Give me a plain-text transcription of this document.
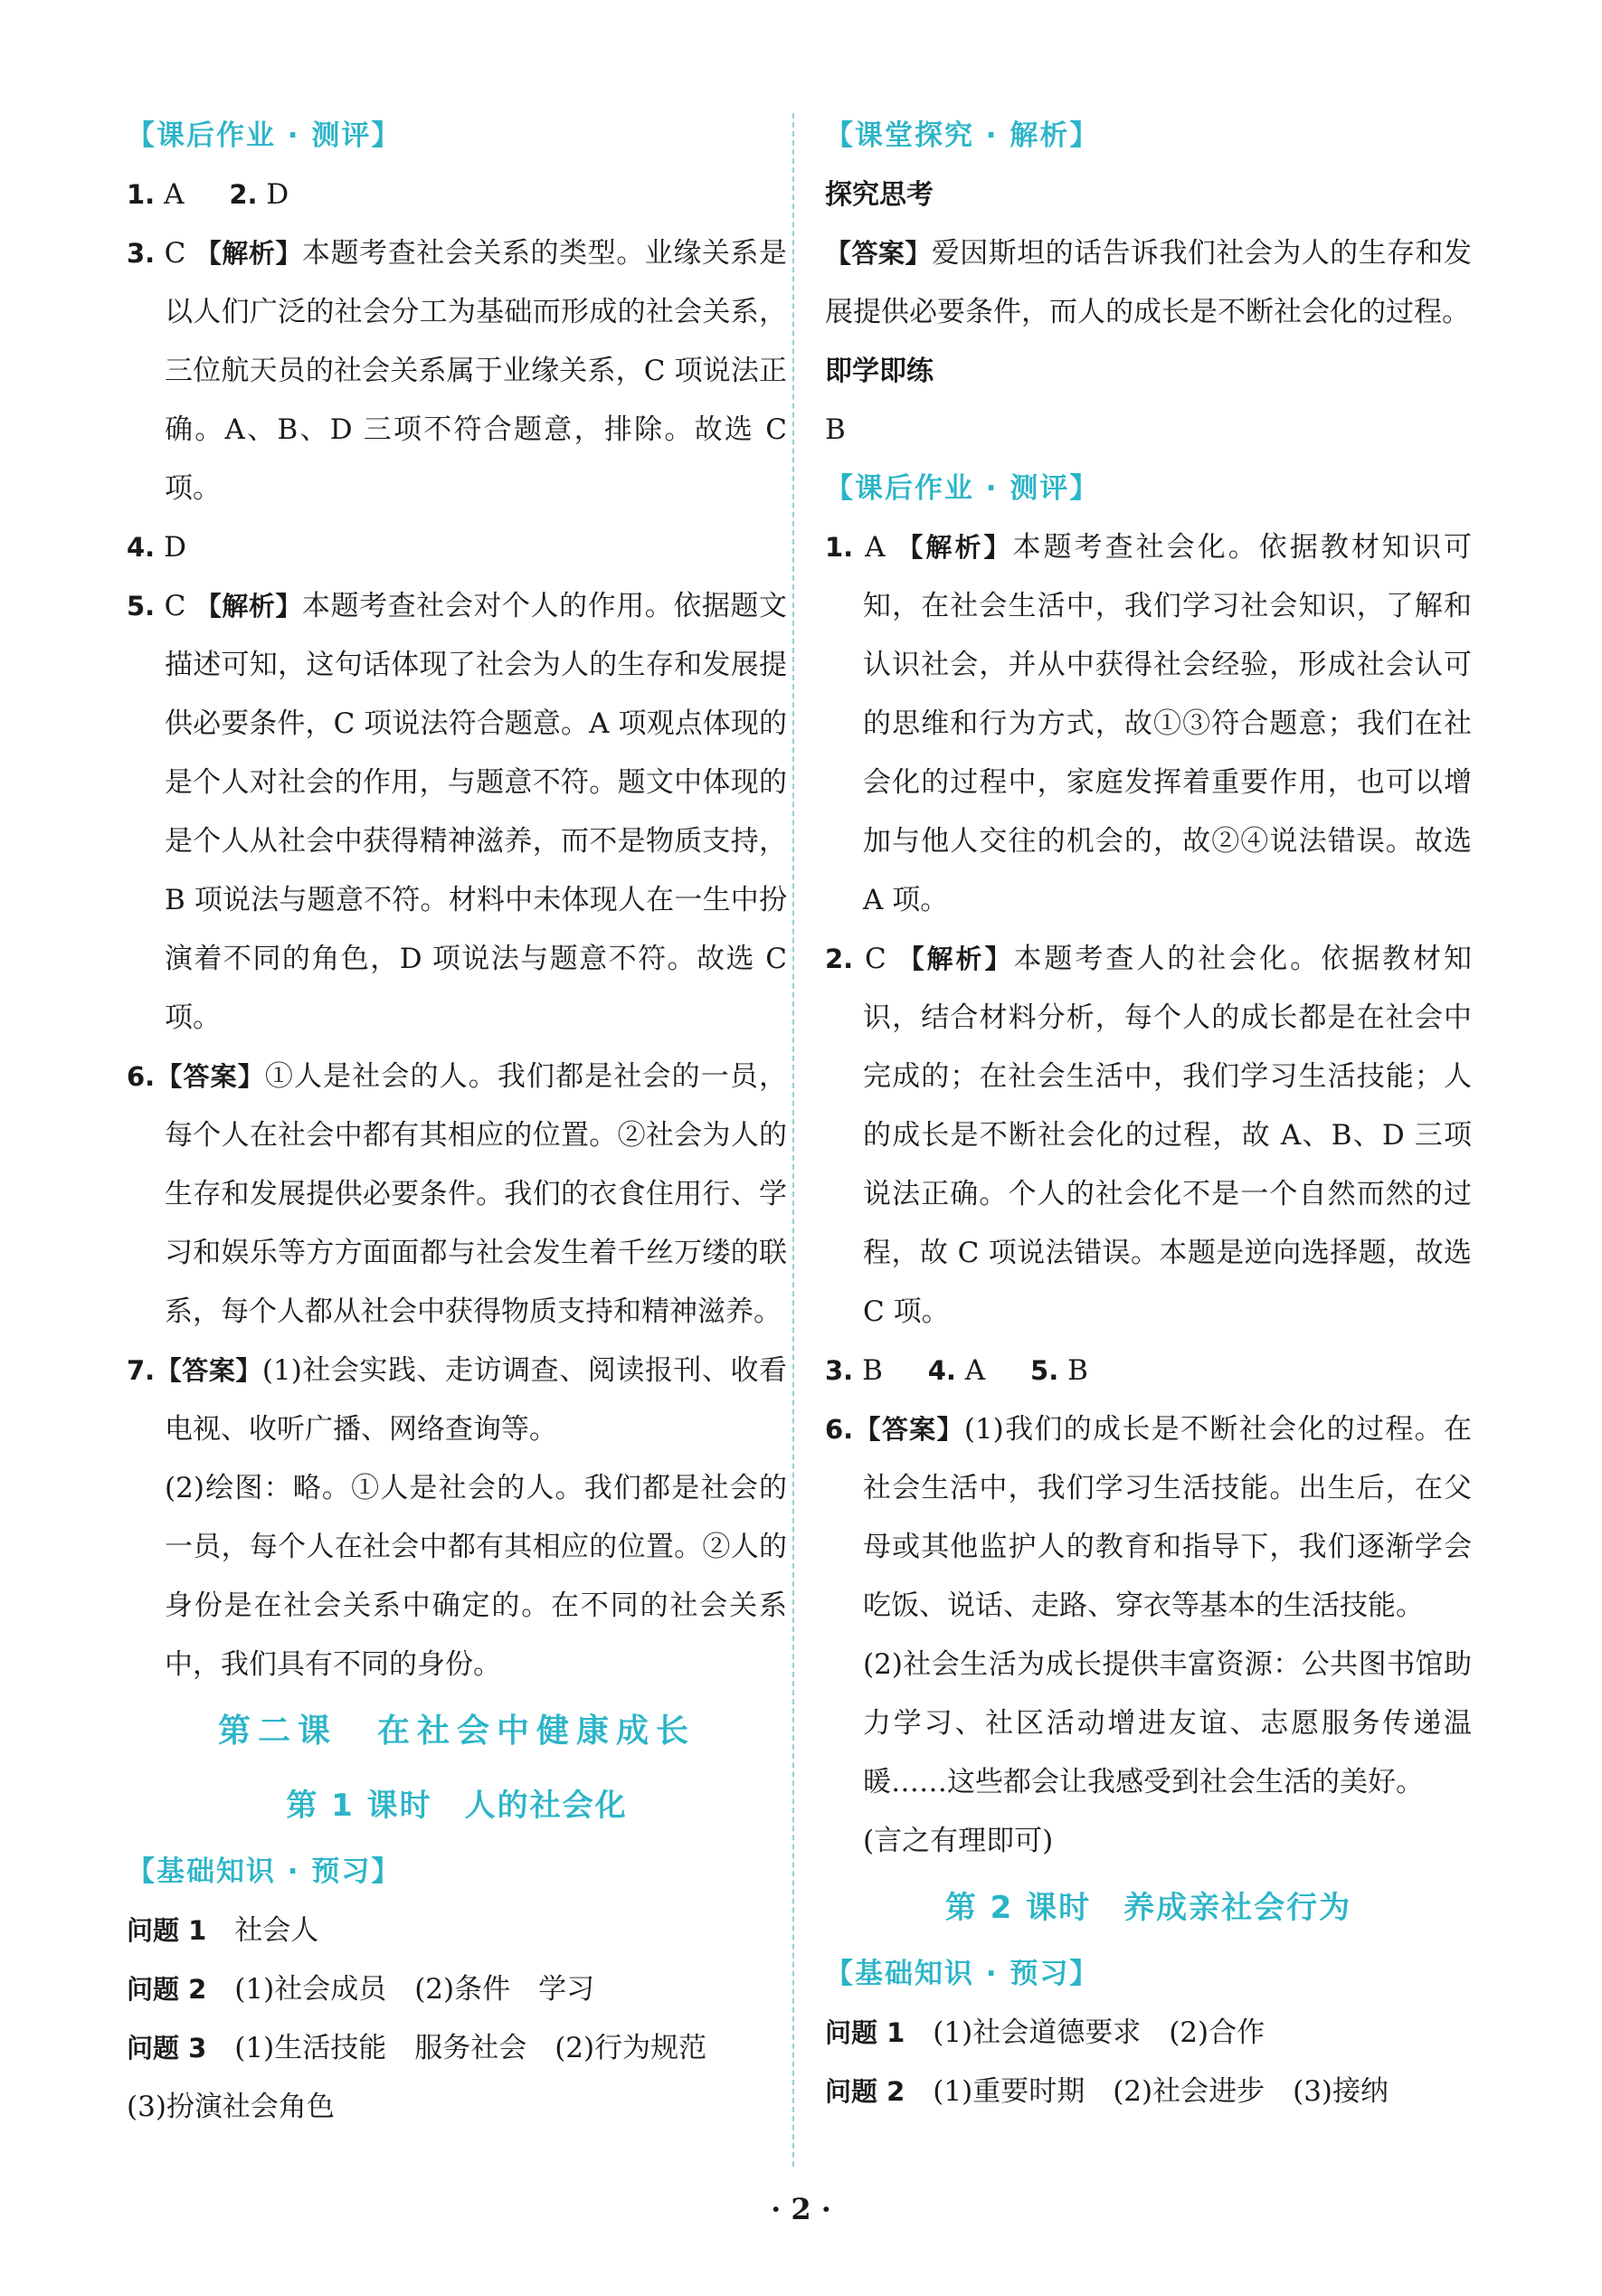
【课后作业 · 测评】
1. A 2. D
3. C 【解析】本题考查社会关系的类型。业缘关系是以人们广泛的社会分工为基础而形成的社会关系，三位航天员的社会关系属于业缘关系，C 项说法正确。A、B、D 三项不符合题意，排除。故选 C 项。
4. D
5. C 【解析】本题考查社会对个人的作用。依据题文描述可知，这句话体现了社会为人的生存和发展提供必要条件，C 项说法符合题意。A 项观点体现的是个人对社会的作用，与题意不符。题文中体现的是个人从社会中获得精神滋养，而不是物质支持，B 项说法与题意不符。材料中未体现人在一生中扮演着不同的角色，D 项说法与题意不符。故选 C 项。
6.【答案】①人是社会的人。我们都是社会的一员，每个人在社会中都有其相应的位置。②社会为人的生存和发展提供必要条件。我们的衣食住用行、学习和娱乐等方方面面都与社会发生着千丝万缕的联系，每个人都从社会中获得物质支持和精神滋养。
7.【答案】(1)社会实践、走访调查、阅读报刊、收看电视、收听广播、网络查询等。
(2)绘图：略。①人是社会的人。我们都是社会的一员，每个人在社会中都有其相应的位置。②人的身份是在社会关系中确定的。在不同的社会关系中，我们具有不同的身份。
第二课　在社会中健康成长
第 1 课时　人的社会化
【基础知识 · 预习】
问题 1　 社会人
问题 2　 (1)社会成员　(2)条件　学习
问题 3　 (1)生活技能　服务社会　(2)行为规范
(3)扮演社会角色
【课堂探究 · 解析】
探究思考
【答案】爱因斯坦的话告诉我们社会为人的生存和发展提供必要条件，而人的成长是不断社会化的过程。
即学即练
B
【课后作业 · 测评】
1. A 【解析】本题考查社会化。依据教材知识可知，在社会生活中，我们学习社会知识，了解和认识社会，并从中获得社会经验，形成社会认可的思维和行为方式，故①③符合题意；我们在社会化的过程中，家庭发挥着重要作用，也可以增加与他人交往的机会的，故②④说法错误。故选 A 项。
2. C 【解析】本题考查人的社会化。依据教材知识，结合材料分析，每个人的成长都是在社会中完成的；在社会生活中，我们学习生活技能；人的成长是不断社会化的过程，故 A、B、D 三项说法正确。个人的社会化不是一个自然而然的过程，故 C 项说法错误。本题是逆向选择题，故选 C 项。
3. B 4. A 5. B
6.【答案】(1)我们的成长是不断社会化的过程。在社会生活中，我们学习生活技能。出生后，在父母或其他监护人的教育和指导下，我们逐渐学会吃饭、说话、走路、穿衣等基本的生活技能。
(2)社会生活为成长提供丰富资源：公共图书馆助力学习、社区活动增进友谊、志愿服务传递温暖……这些都会让我感受到社会生活的美好。
(言之有理即可)
第 2 课时　养成亲社会行为
【基础知识 · 预习】
问题 1　 (1)社会道德要求　(2)合作
问题 2　 (1)重要时期　(2)社会进步　(3)接纳
· 2 ·
